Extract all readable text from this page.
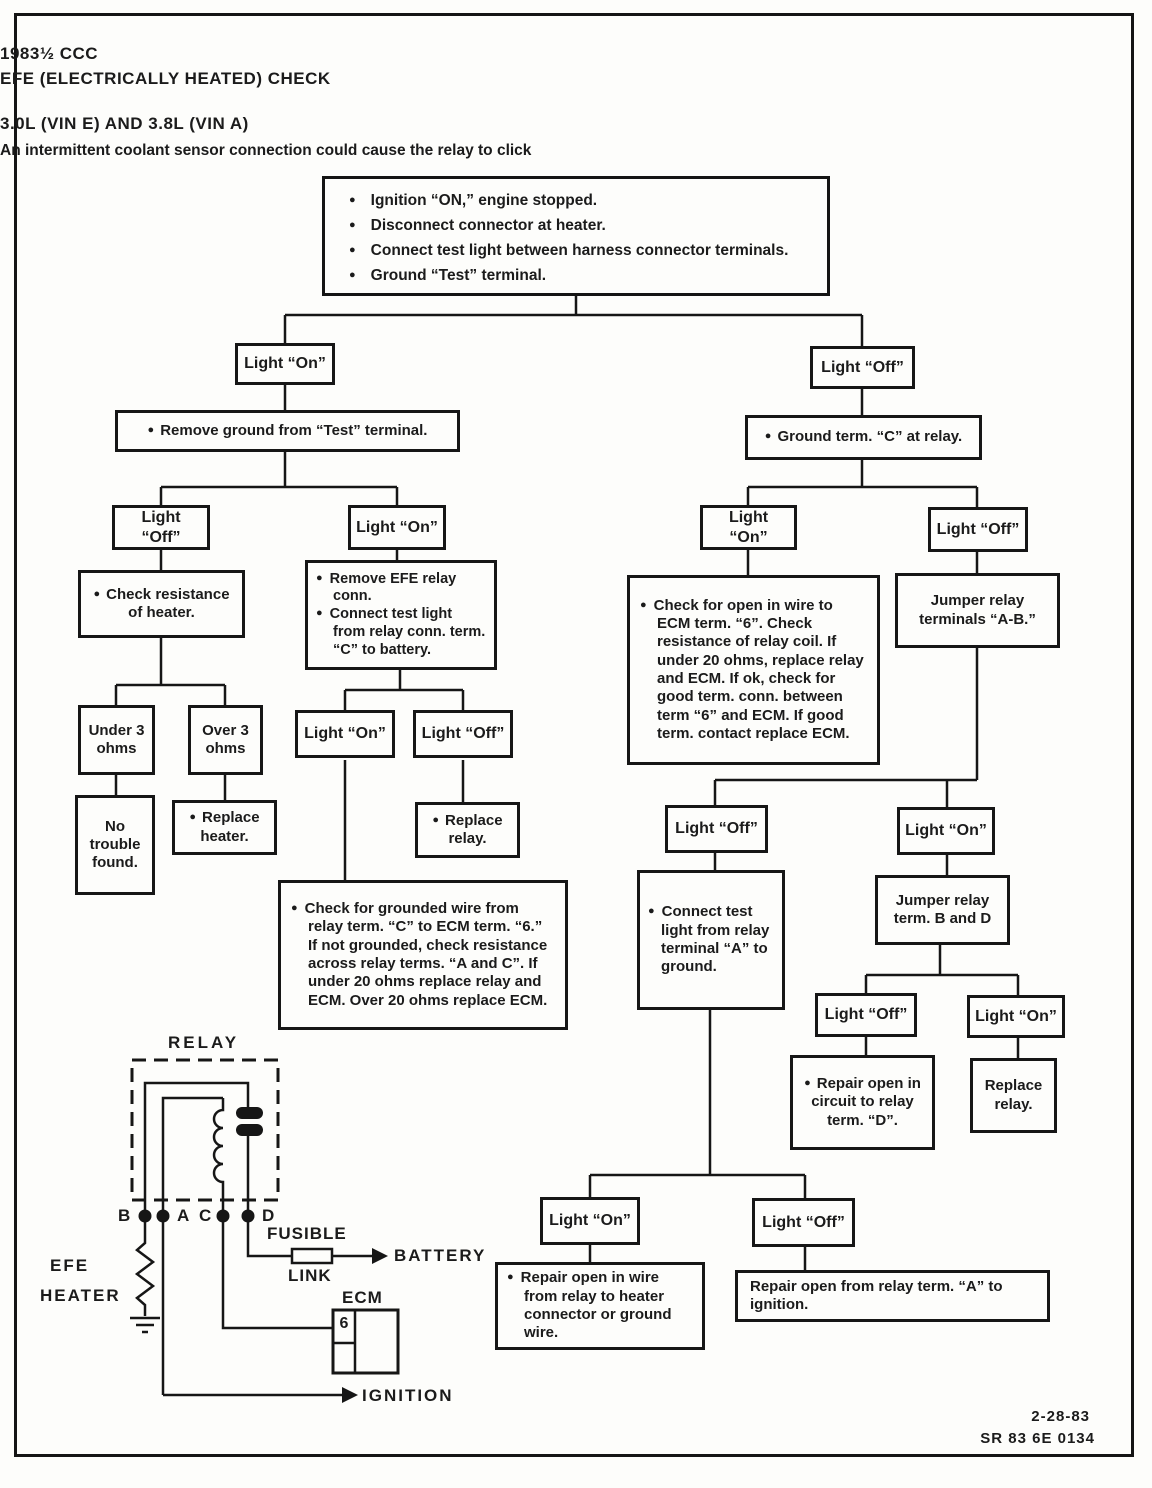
1983½ CCC
EFE (ELECTRICALLY HEATED) CHECK
3.0L (VIN E) AND 3.8L (VIN A)
An intermittent coolant sensor connection could cause the relay to click
● Ignition “ON,” engine stopped.
● Disconnect connector at heater.
● Connect test light between harness connector terminals.
● Ground “Test” terminal.
Light “On”	Light “Off”
● Remove ground from “Test” terminal.
Light “Off”
Light “On”
● Check resistance of heater.
● Remove EFE relay conn.
● Connect test light from relay conn. term. “C” to battery.
Under 3 ohms
Over 3 ohms
No trouble found.
● Replace heater.
Light “On” Light “Off”
● Replace relay.
● Check for grounded wire from relay term. “C” to ECM term. “6.” If not grounded, check resistance across relay terms. “A and C”. If under 20 ohms replace relay and ECM. Over 20 ohms replace ECM.
● Ground term. “C” at relay.
Light “On”	Light “Off”
● Check for open in wire to ECM term. “6”. Check resistance of relay coil. If under 20 ohms, replace relay and ECM. If ok, check for good term. conn. between term “6” and ECM. If good term. contact replace ECM.
Jumper relay terminals “A-B.”
Light “Off”	Light “On”
● Connect test light from relay terminal “A” to ground.
Jumper relay term. B and D
Light “Off”	Light “On”
● Repair open in circuit to relay term. “D”.
Replace relay.
Light “On”	Light “Off”
● Repair open in wire from relay to heater connector or ground wire.
Repair open from relay term. “A” to ignition.
RELAY
B	A C	D
EFE
HEATER
FUSIBLE
LINK
BATTERY
ECM
6
IGNITION
2-28-83
SR 83 6E 0134
